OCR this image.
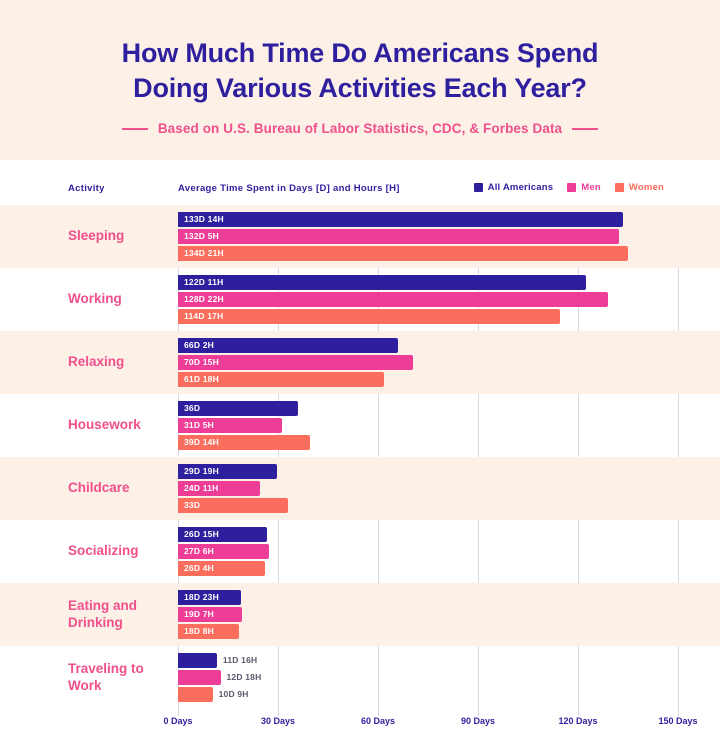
How Much Time Do Americans Spend
Doing Various Activities Each Year?
Based on U.S. Bureau of Labor Statistics, CDC, & Forbes Data
Activity	Average Time Spent in Days [D] and Hours [H]	All Americans	Men	Women
Sleeping
133D 14H
132D 5H
134D 21H
Working
122D 11H
128D 22H
114D 17H
Relaxing
66D 2H
70D 15H
61D 18H
Housework
36D
31D 5H
39D 14H
Childcare
29D 19H
24D 11H
33D
Socializing
26D 15H
27D 6H
26D 4H
Eating and Drinking
18D 23H
19D 7H
18D 8H
Traveling to Work
11D 16H
12D 18H
10D 9H
0 Days	30 Days	60 Days	90 Days	120 Days	150 Days
